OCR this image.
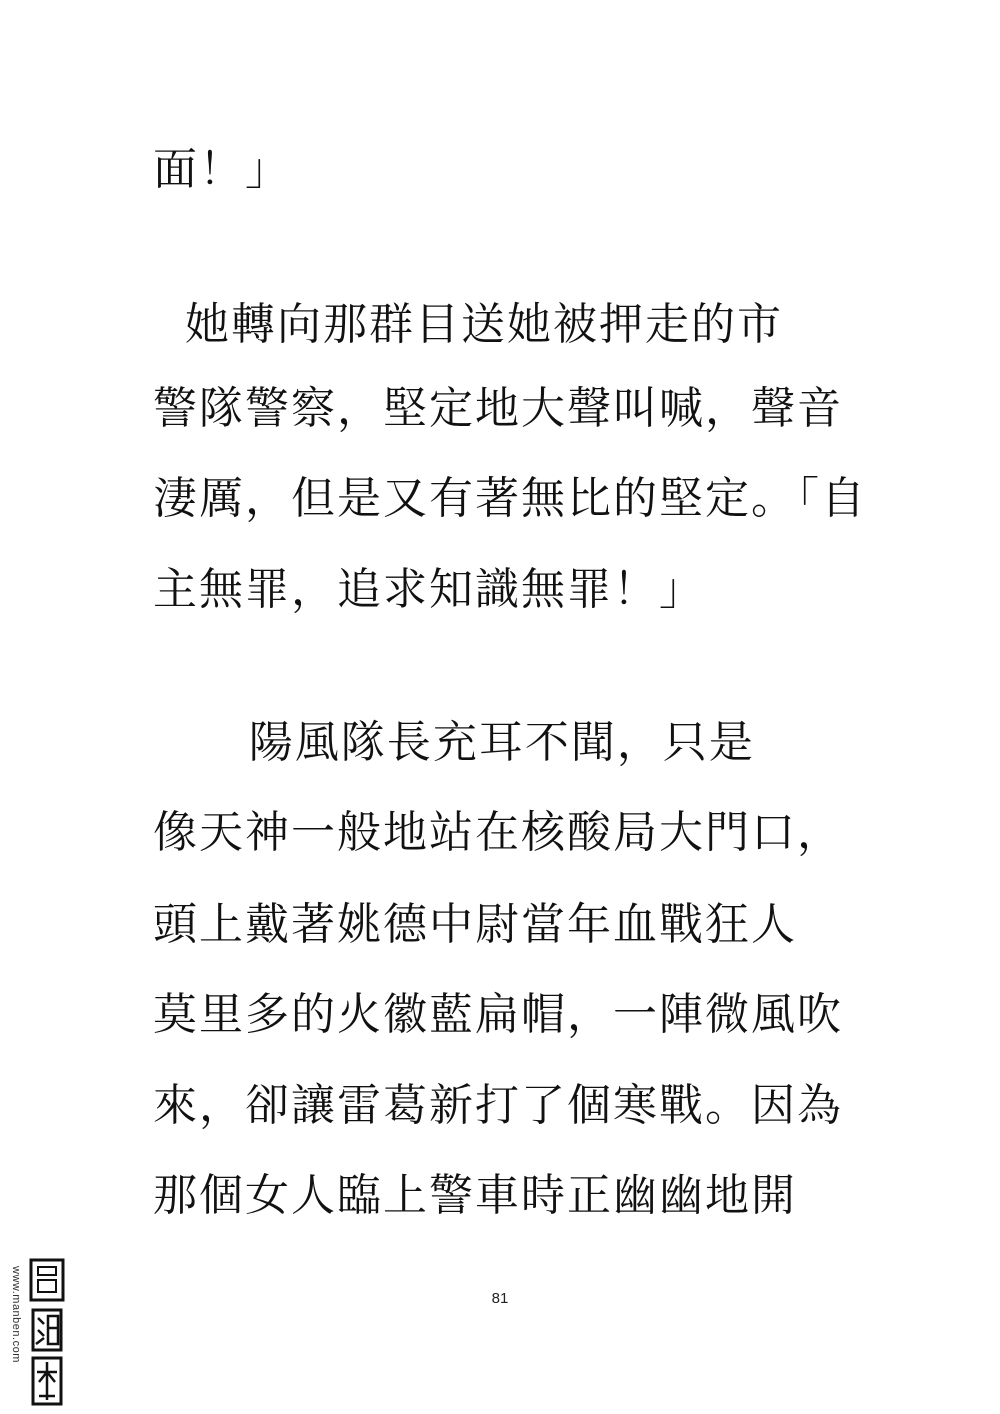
面！」
她轉向那群目送她被押走的市
警隊警察，堅定地大聲叫喊，聲音
淒厲，但是又有著無比的堅定。「自
主無罪，追求知識無罪！」
陽風隊長充耳不聞，只是
像天神一般地站在核酸局大門口，
頭上戴著姚德中尉當年血戰狂人
莫里多的火徽藍扁帽，一陣微風吹
來，卻讓雷葛新打了個寒戰。因為
那個女人臨上警車時正幽幽地開
81
www.manben.com
